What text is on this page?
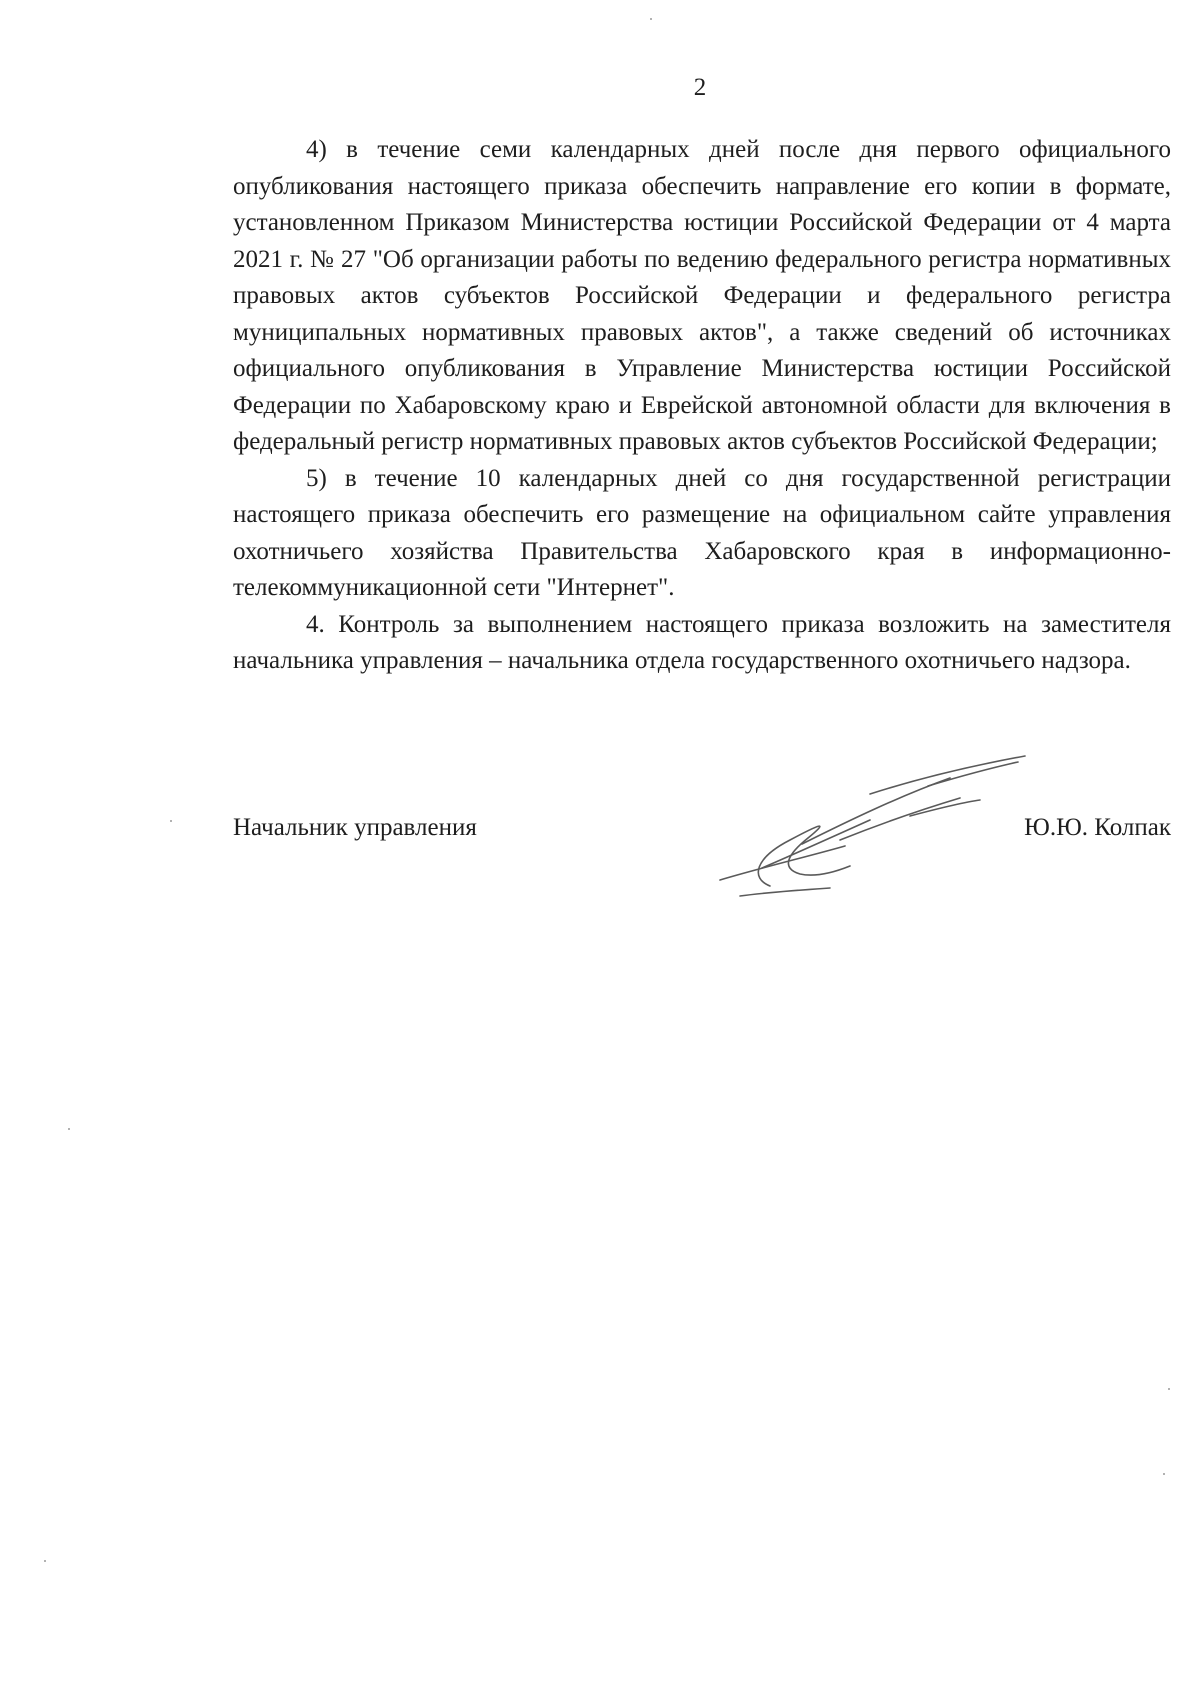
2

4) в течение семи календарных дней после дня первого официального опубликования настоящего приказа обеспечить направление его копии в формате, установленном Приказом Министерства юстиции Российской Федерации от 4 марта 2021 г. № 27 "Об организации работы по ведению федерального регистра нормативных правовых актов субъектов Российской Федерации и федерального регистра муниципальных нормативных правовых актов", а также сведений об источниках официального опубликования в Управление Министерства юстиции Российской Федерации по Хабаровскому краю и Еврейской автономной области для включения в федеральный регистр нормативных правовых актов субъектов Российской Федерации;

5) в течение 10 календарных дней со дня государственной регистрации настоящего приказа обеспечить его размещение на официальном сайте управления охотничьего хозяйства Правительства Хабаровского края в информационно-телекоммуникационной сети "Интернет".

4. Контроль за выполнением настоящего приказа возложить на заместителя начальника управления – начальника отдела государственного охотничьего надзора.

Начальник управления	Ю.Ю. Колпак
